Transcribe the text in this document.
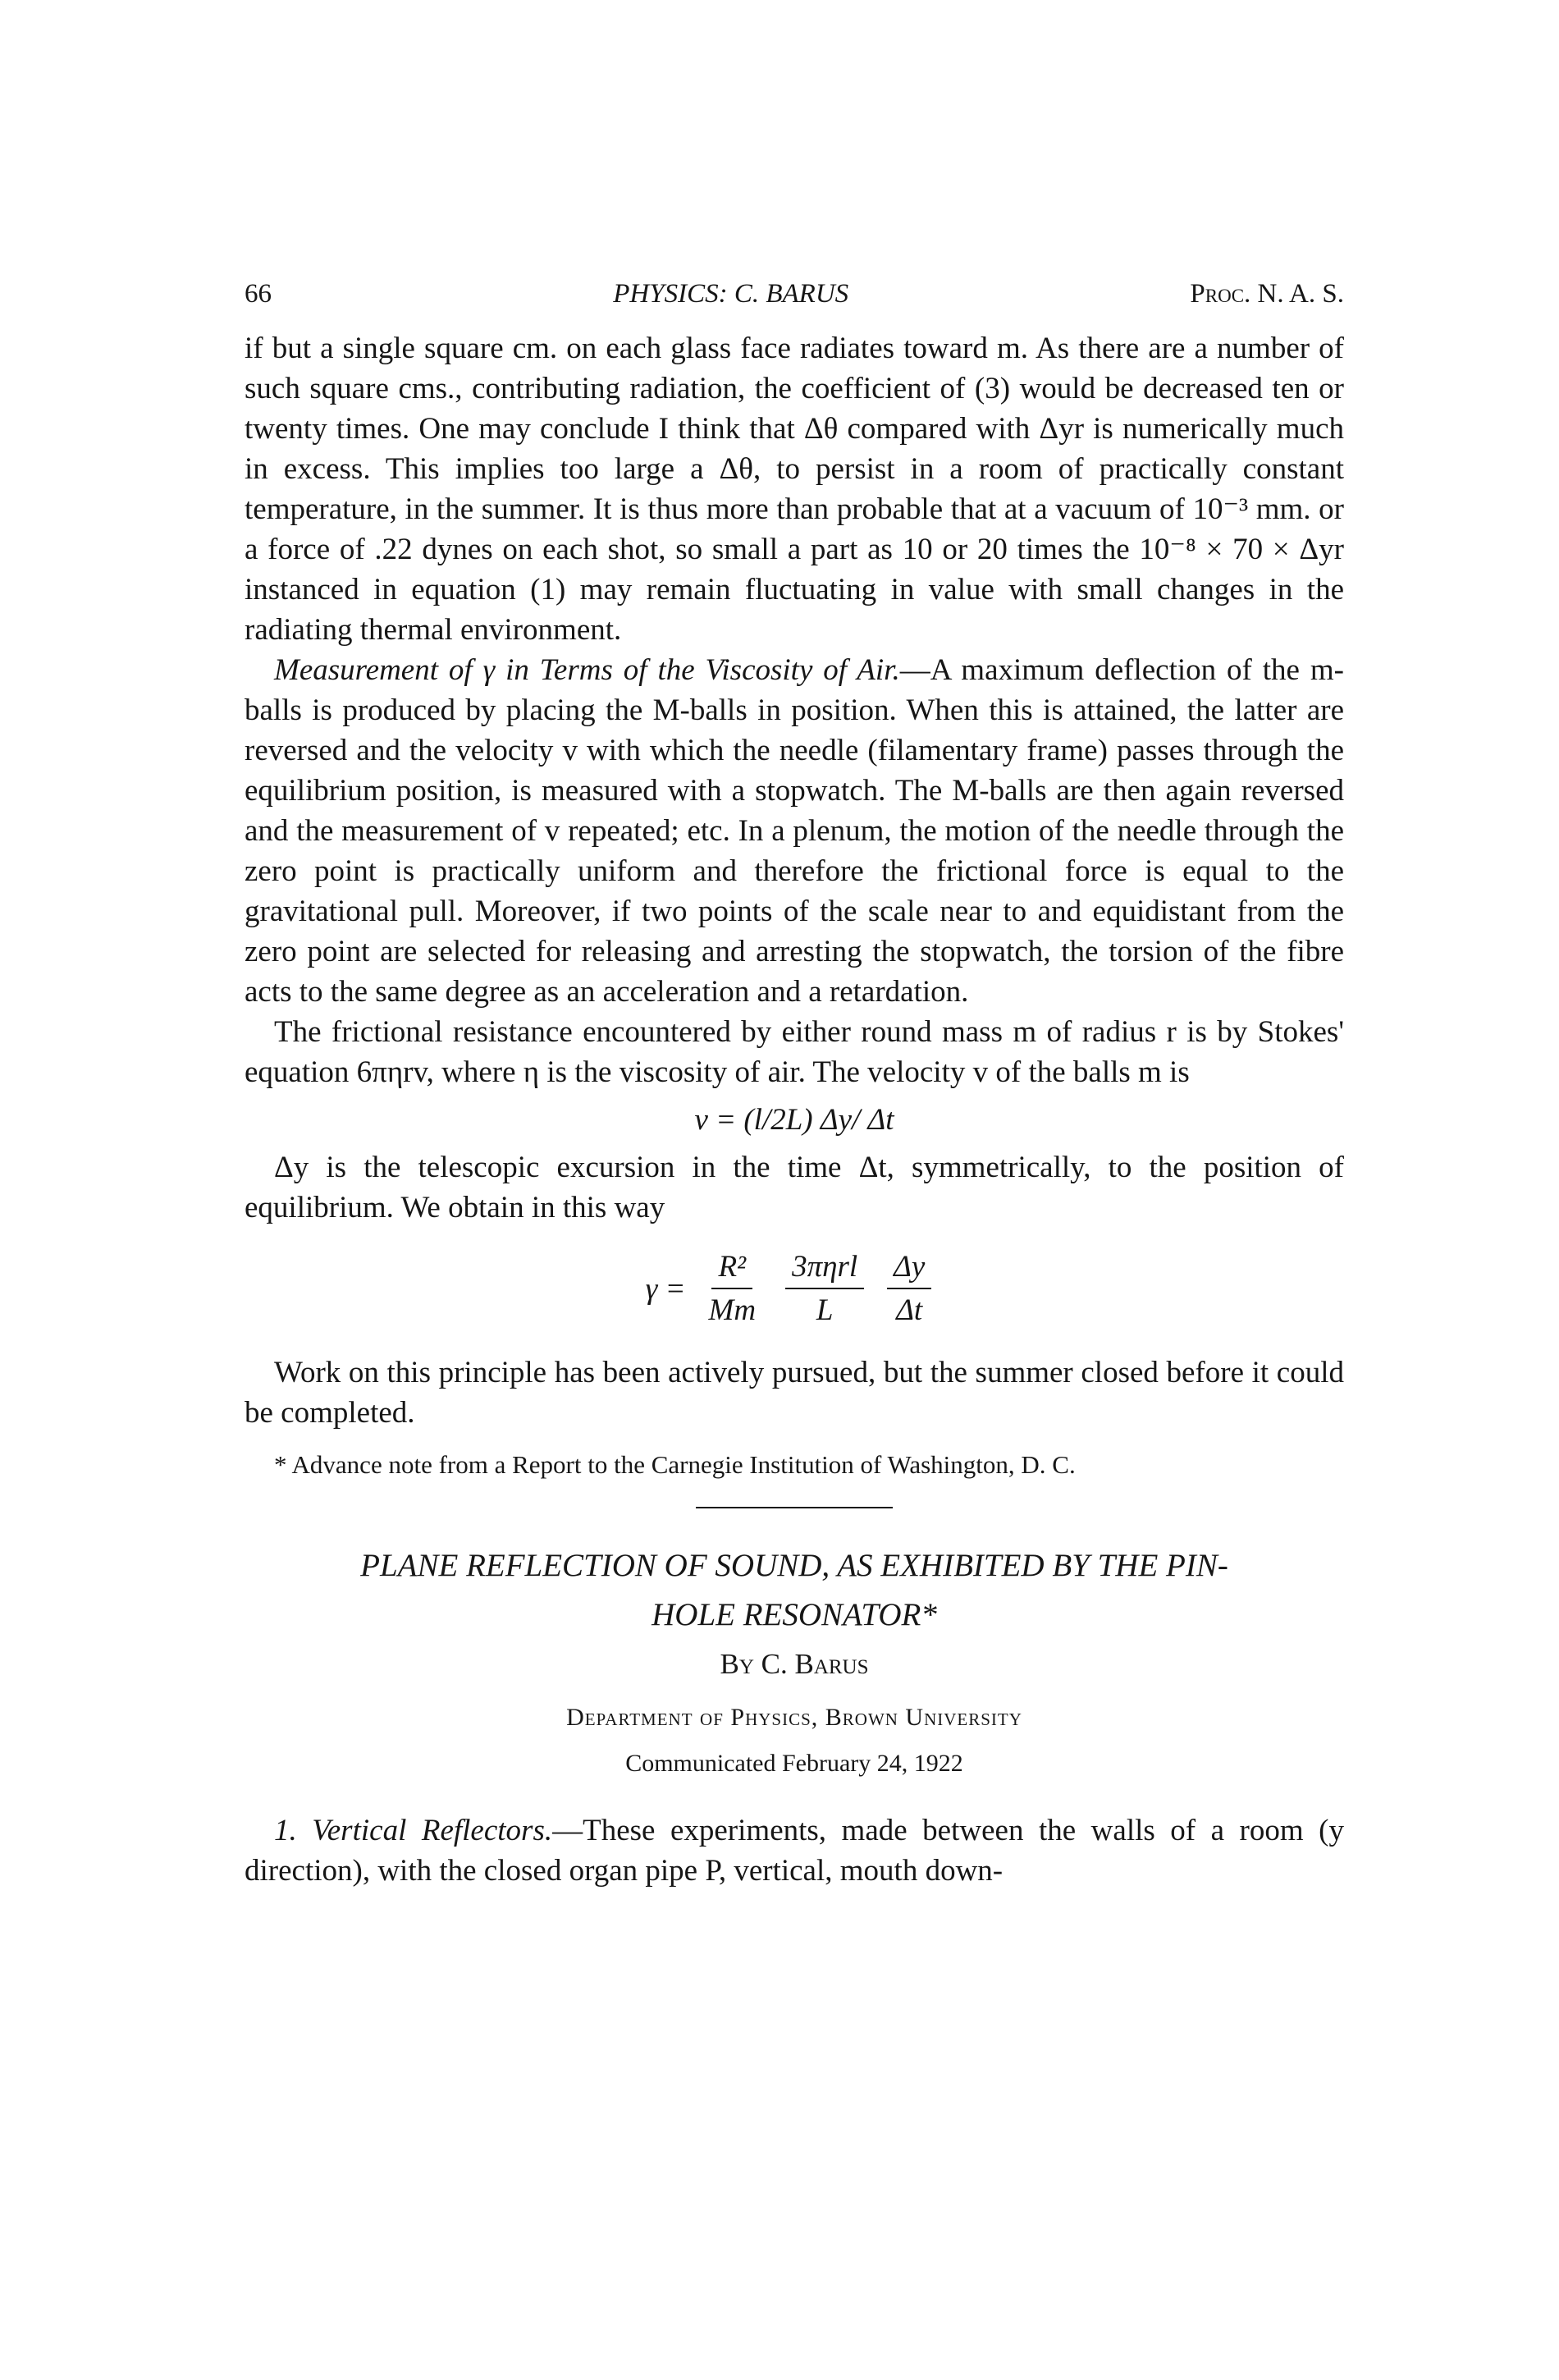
66	PHYSICS: C. BARUS	Proc. N. A. S.

if but a single square cm. on each glass face radiates toward m. As there are a number of such square cms., contributing radiation, the coefficient of (3) would be decreased ten or twenty times. One may conclude I think that Δθ compared with Δyr is numerically much in excess. This implies too large a Δθ, to persist in a room of practically constant temperature, in the summer. It is thus more than probable that at a vacuum of 10⁻³ mm. or a force of .22 dynes on each shot, so small a part as 10 or 20 times the 10⁻⁸ × 70 × Δyr instanced in equation (1) may remain fluctuating in value with small changes in the radiating thermal environment.

Measurement of γ in Terms of the Viscosity of Air.—A maximum deflection of the m-balls is produced by placing the M-balls in position. When this is attained, the latter are reversed and the velocity v with which the needle (filamentary frame) passes through the equilibrium position, is measured with a stopwatch. The M-balls are then again reversed and the measurement of v repeated; etc. In a plenum, the motion of the needle through the zero point is practically uniform and therefore the frictional force is equal to the gravitational pull. Moreover, if two points of the scale near to and equidistant from the zero point are selected for releasing and arresting the stopwatch, the torsion of the fibre acts to the same degree as an acceleration and a retardation.

The frictional resistance encountered by either round mass m of radius r is by Stokes' equation 6πηrv, where η is the viscosity of air. The velocity v of the balls m is

v = (l/2L) Δy/ Δt

Δy is the telescopic excursion in the time Δt, symmetrically, to the position of equilibrium. We obtain in this way

$\gamma = \frac{\text{R²}}{Mm} \frac{\text{3πηrl}}{L} \frac{\Delta y}{\Delta t}$

Work on this principle has been actively pursued, but the summer closed before it could be completed.

* Advance note from a Report to the Carnegie Institution of Washington, D. C.

PLANE REFLECTION OF SOUND, AS EXHIBITED BY THE PIN-
HOLE RESONATOR*
By C. Barus
Department of Physics, Brown University
Communicated February 24, 1922

1. Vertical Reflectors.—These experiments, made between the walls of a room (y direction), with the closed organ pipe P, vertical, mouth down-
